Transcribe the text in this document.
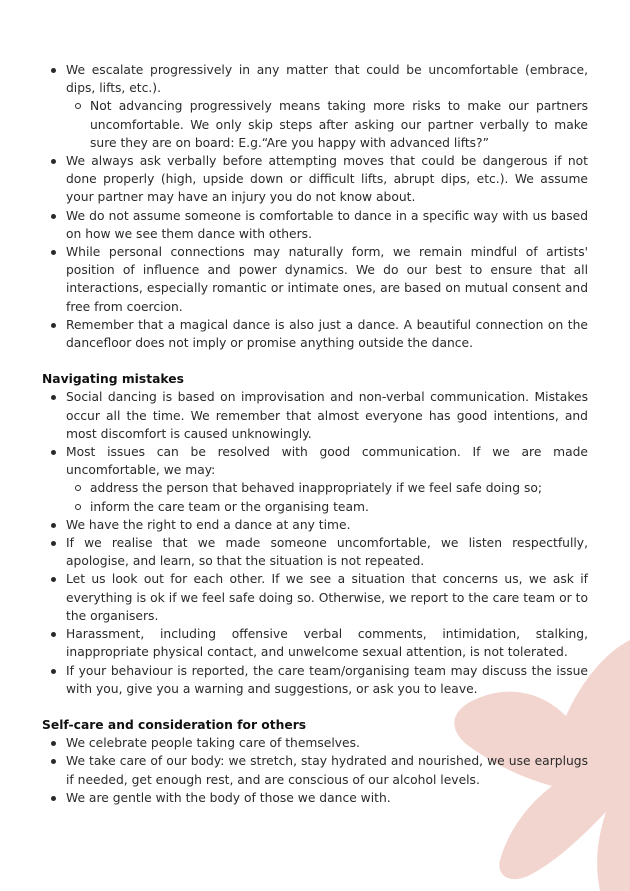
We escalate progressively in any matter that could be uncomfortable (embrace, dips, lifts, etc.).
Not advancing progressively means taking more risks to make our partners uncomfortable. We only skip steps after asking our partner verbally to make sure they are on board: E.g.“Are you happy with advanced lifts?”
We always ask verbally before attempting moves that could be dangerous if not done properly (high, upside down or difficult lifts, abrupt dips, etc.). We assume your partner may have an injury you do not know about.
We do not assume someone is comfortable to dance in a specific way with us based on how we see them dance with others.
While personal connections may naturally form, we remain mindful of artists' position of influence and power dynamics. We do our best to ensure that all interactions, especially romantic or intimate ones, are based on mutual consent and free from coercion.
Remember that a magical dance is also just a dance. A beautiful connection on the dancefloor does not imply or promise anything outside the dance.
Navigating mistakes
Social dancing is based on improvisation and non-verbal communication. Mistakes occur all the time. We remember that almost everyone has good intentions, and most discomfort is caused unknowingly.
Most issues can be resolved with good communication. If we are made uncomfortable, we may:
address the person that behaved inappropriately if we feel safe doing so;
inform the care team or the organising team.
We have the right to end a dance at any time.
If we realise that we made someone uncomfortable, we listen respectfully, apologise, and learn, so that the situation is not repeated.
Let us look out for each other. If we see a situation that concerns us, we ask if everything is ok if we feel safe doing so. Otherwise, we report to the care team or to the organisers.
Harassment, including offensive verbal comments, intimidation, stalking, inappropriate physical contact, and unwelcome sexual attention, is not tolerated.
If your behaviour is reported, the care team/organising team may discuss the issue with you, give you a warning and suggestions, or ask you to leave.
Self-care and consideration for others
We celebrate people taking care of themselves.
We take care of our body: we stretch, stay hydrated and nourished, we use earplugs if needed, get enough rest, and are conscious of our alcohol levels.
We are gentle with the body of those we dance with.
